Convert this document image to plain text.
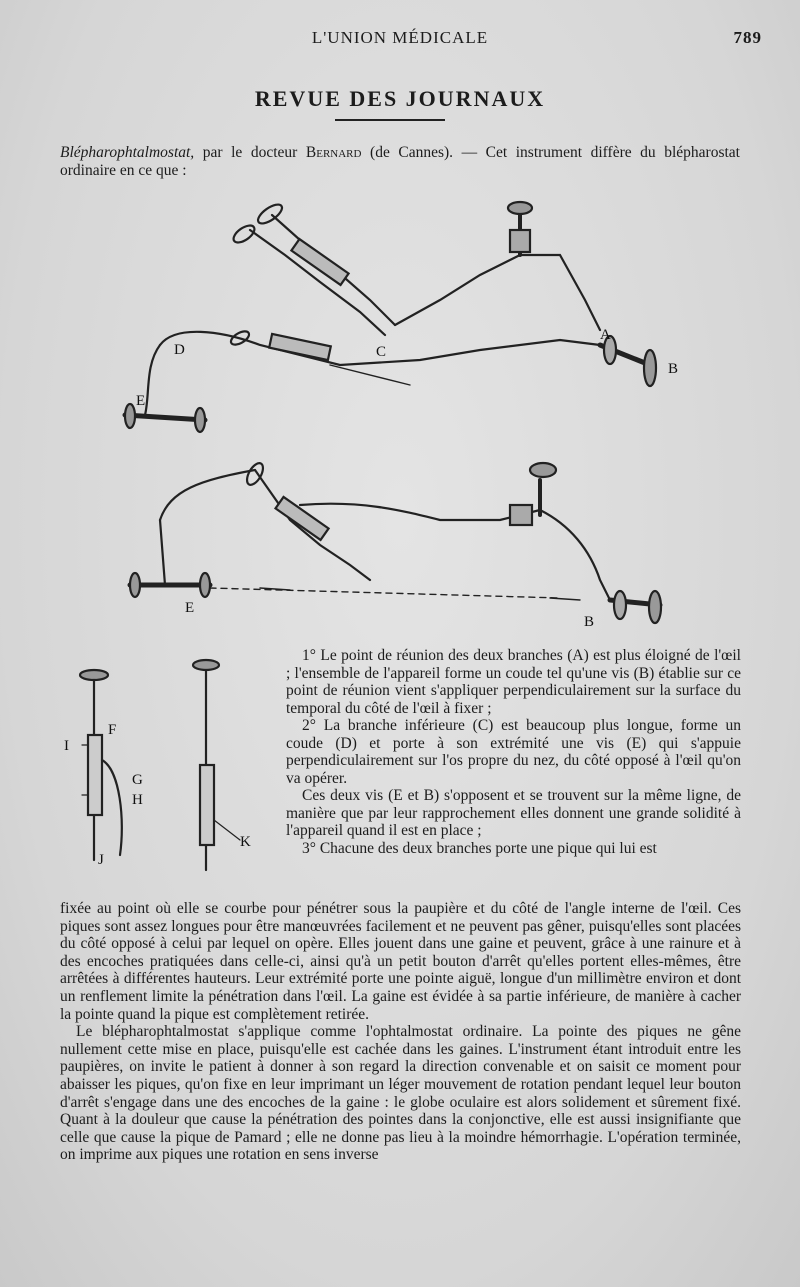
L'UNION MÉDICALE	789
REVUE DES JOURNAUX
Blépharophtalmostat, par le docteur Bernard (de Cannes). — Cet instrument diffère du blépharostat ordinaire en ce que :
A
B
C
D
E
E
B
F
G
H
I
J
K

1° Le point de réunion des deux branches (A) est plus éloigné de l'œil ; l'ensemble de l'appareil forme un coude tel qu'une vis (B) établie sur ce point de réunion vient s'appliquer perpendiculairement sur la surface du temporal du côté de l'œil à fixer ;

2° La branche inférieure (C) est beaucoup plus longue, forme un coude (D) et porte à son extrémité une vis (E) qui s'appuie perpendiculairement sur l'os propre du nez, du côté opposé à l'œil qu'on va opérer.

Ces deux vis (E et B) s'opposent et se trouvent sur la même ligne, de manière que par leur rapprochement elles donnent une grande solidité à l'appareil quand il est en place ;

3° Chacune des deux branches porte une pique qui lui est

fixée au point où elle se courbe pour pénétrer sous la paupière et du côté de l'angle interne de l'œil. Ces piques sont assez longues pour être manœuvrées facilement et ne peuvent pas gêner, puisqu'elles sont placées du côté opposé à celui par lequel on opère. Elles jouent dans une gaine et peuvent, grâce à une rainure et à des encoches pratiquées dans celle-ci, ainsi qu'à un petit bouton d'arrêt qu'elles portent elles-mêmes, être arrêtées à différentes hauteurs. Leur extrémité porte une pointe aiguë, longue d'un millimètre environ et dont un renflement limite la pénétration dans l'œil. La gaine est évidée à sa partie inférieure, de manière à cacher la pointe quand la pique est complètement retirée.

Le blépharophtalmostat s'applique comme l'ophtalmostat ordinaire. La pointe des piques ne gêne nullement cette mise en place, puisqu'elle est cachée dans les gaines. L'instrument étant introduit entre les paupières, on invite le patient à donner à son regard la direction convenable et on saisit ce moment pour abaisser les piques, qu'on fixe en leur imprimant un léger mouvement de rotation pendant lequel leur bouton d'arrêt s'engage dans une des encoches de la gaine : le globe oculaire est alors solidement et sûrement fixé. Quant à la douleur que cause la pénétration des pointes dans la conjonctive, elle est aussi insignifiante que celle que cause la pique de Pamard ; elle ne donne pas lieu à la moindre hémorrhagie. L'opération terminée, on imprime aux piques une rotation en sens inverse
